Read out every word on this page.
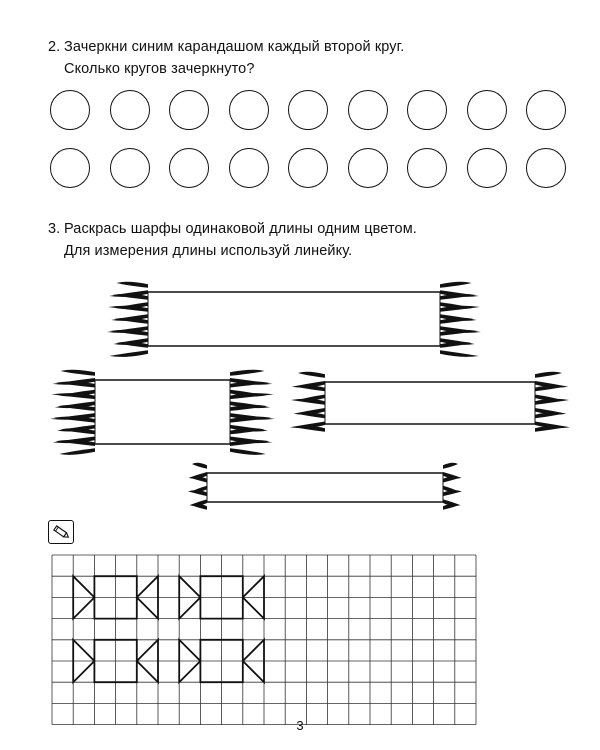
2. Зачеркни синим карандашом каждый второй круг.
Сколько кругов зачеркнуто?
3. Раскрась шарфы одинаковой длины одним цветом.
Для измерения длины используй линейку.
3
